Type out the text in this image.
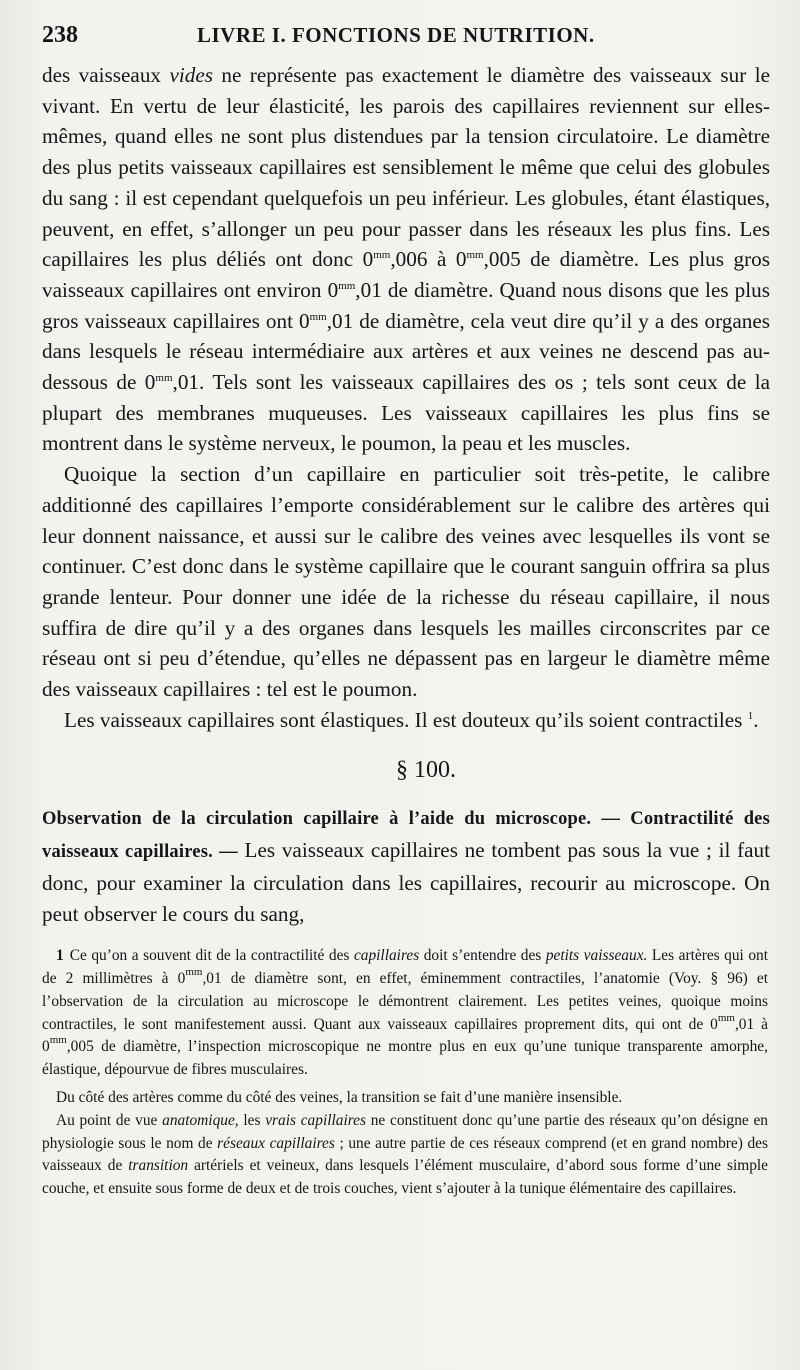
238	LIVRE I. FONCTIONS DE NUTRITION.

des vaisseaux vides ne représente pas exactement le diamètre des vaisseaux sur le vivant. En vertu de leur élasticité, les parois des capillaires reviennent sur elles-mêmes, quand elles ne sont plus distendues par la tension circulatoire. Le diamètre des plus petits vaisseaux capillaires est sensiblement le même que celui des globules du sang : il est cependant quelquefois un peu inférieur. Les globules, étant élastiques, peuvent, en effet, s’allonger un peu pour passer dans les réseaux les plus fins. Les capillaires les plus déliés ont donc $0^{mm},006$ à $0^{mm},005$ de diamètre. Les plus gros vaisseaux capillaires ont environ $0^{mm},01$ de diamètre. Quand nous disons que les plus gros vaisseaux capillaires ont $0^{mm},01$ de diamètre, cela veut dire qu’il y a des organes dans lesquels le réseau intermédiaire aux artères et aux veines ne descend pas au-dessous de $0^{mm},01$. Tels sont les vaisseaux capillaires des os ; tels sont ceux de la plupart des membranes muqueuses. Les vaisseaux capillaires les plus fins se montrent dans le système nerveux, le poumon, la peau et les muscles.

Quoique la section d’un capillaire en particulier soit très-petite, le calibre additionné des capillaires l’emporte considérablement sur le calibre des artères qui leur donnent naissance, et aussi sur le calibre des veines avec lesquelles ils vont se continuer. C’est donc dans le système capillaire que le courant sanguin offrira sa plus grande lenteur. Pour donner une idée de la richesse du réseau capillaire, il nous suffira de dire qu’il y a des organes dans lesquels les mailles circonscrites par ce réseau ont si peu d’étendue, qu’elles ne dépassent pas en largeur le diamètre même des vaisseaux capillaires : tel est le poumon.

Les vaisseaux capillaires sont élastiques. Il est douteux qu’ils soient contractiles $^1$.

§ 100.

Observation de la circulation capillaire à l’aide du microscope. — Contractilité des vaisseaux capillaires. — Les vaisseaux capillaires ne tombent pas sous la vue ; il faut donc, pour examiner la circulation dans les capillaires, recourir au microscope. On peut observer le cours du sang,

1 Ce qu’on a souvent dit de la contractilité des capillaires doit s’entendre des petits vaisseaux. Les artères qui ont de 2 millimètres à $0^{mm},01$ de diamètre sont, en effet, éminemment contractiles, l’anatomie (Voy. § 96) et l’observation de la circulation au microscope le démontrent clairement. Les petites veines, quoique moins contractiles, le sont manifestement aussi. Quant aux vaisseaux capillaires proprement dits, qui ont de $0^{mm},01$ à $0^{mm},005$ de diamètre, l’inspection microscopique ne montre plus en eux qu’une tunique transparente amorphe, élastique, dépourvue de fibres musculaires.

Du côté des artères comme du côté des veines, la transition se fait d’une manière insensible.

Au point de vue anatomique, les vrais capillaires ne constituent donc qu’une partie des réseaux qu’on désigne en physiologie sous le nom de réseaux capillaires ; une autre partie de ces réseaux comprend (et en grand nombre) des vaisseaux de transition artériels et veineux, dans lesquels l’élément musculaire, d’abord sous forme d’une simple couche, et ensuite sous forme de deux et de trois couches, vient s’ajouter à la tunique élémentaire des capillaires.
